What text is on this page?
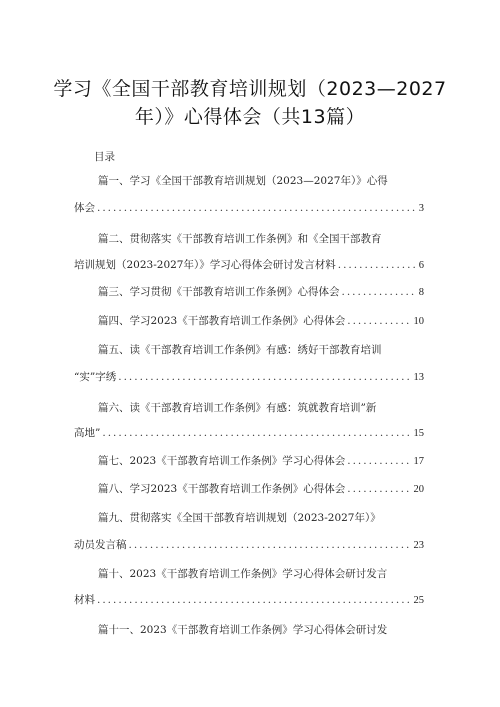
学习《全国干部教育培训规划（2023—2027
年）》心得体会（共13篇）
目录
篇一、学习《全国干部教育培训规划（2023—2027年）》心得
体会 .....	3
篇二、贯彻落实《干部教育培训工作条例》和《全国干部教育
培训规划（2023-2027年）》学习心得体会研讨发言材料 .....	6
篇三、学习贯彻《干部教育培训工作条例》心得体会 .....	8
篇四、学习2023《干部教育培训工作条例》心得体会 .....	10
篇五、读《干部教育培训工作条例》有感：绣好干部教育培训
“实”字绣 .....	13
篇六、读《干部教育培训工作条例》有感：筑就教育培训”新
高地” .....	15
篇七、2023《干部教育培训工作条例》学习心得体会 .....	17
篇八、学习2023《干部教育培训工作条例》心得体会 .....	20
篇九、贯彻落实《全国干部教育培训规划（2023-2027年）》
动员发言稿 .....	23
篇十、2023《干部教育培训工作条例》学习心得体会研讨发言
材料 .....	25
篇十一、2023《干部教育培训工作条例》学习心得体会研讨发
